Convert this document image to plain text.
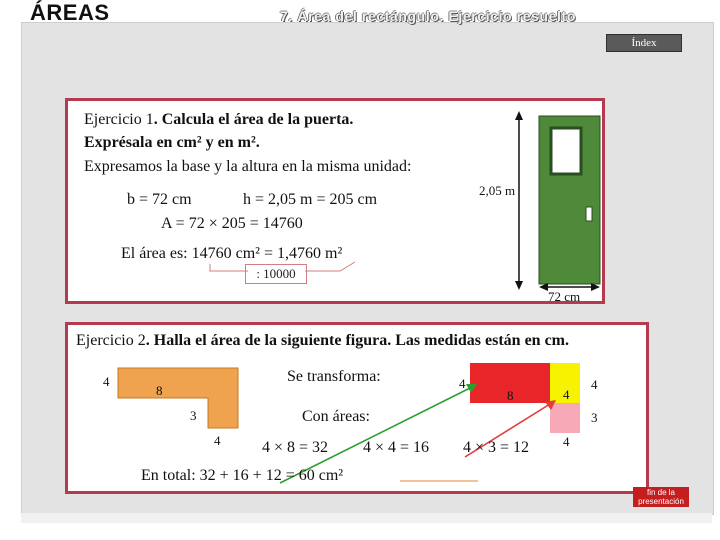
ÁREAS	7. Área del rectángulo. Ejercicio resuelto
Índex
Ejercicio 1. Calcula el área de la puerta.
Exprésala en cm² y en m².
Expresamos la base y la altura en la misma unidad:
b = 72 cm	h = 2,05 m = 205 cm
A = 72 × 205 = 14760
El área es: 14760 cm² = 1,4760 m²
: 10000
2,05 m
72 cm
Ejercicio 2. Halla el área de la siguiente figura. Las medidas están en cm.
4
8
3
4
Se transforma:
Con áreas:
4
8	4
4
3
4
4 × 8 = 32 4 × 4 = 16 4 × 3 = 12
En total: 32 + 16 + 12 = 60 cm²
fin de la
presentación
